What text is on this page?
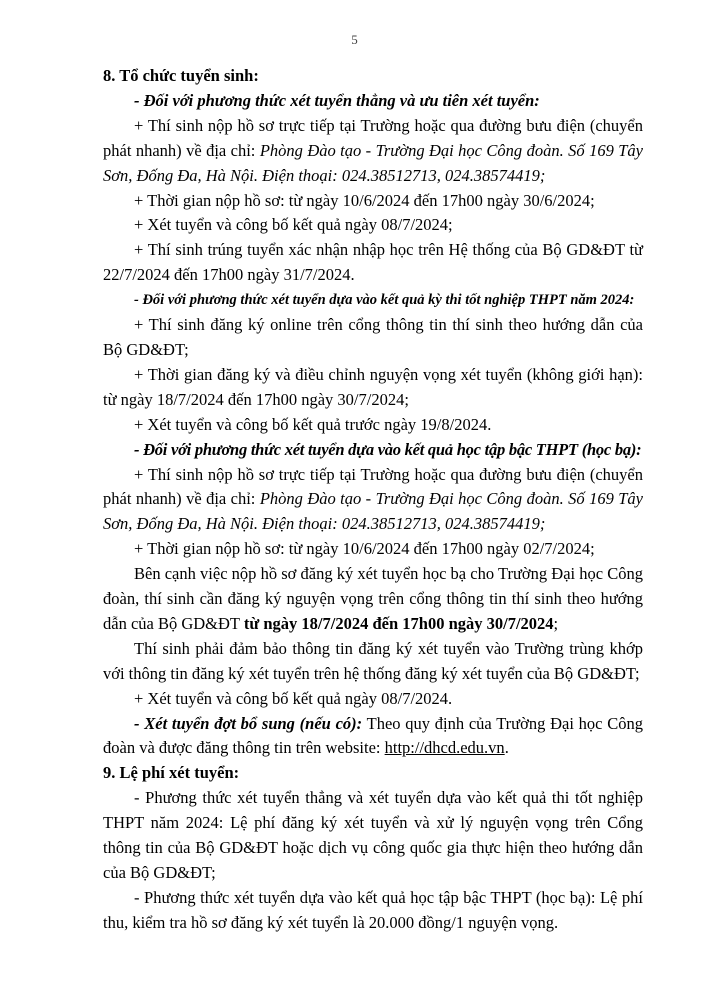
5

8. Tổ chức tuyển sinh:

- Đối với phương thức xét tuyển thẳng và ưu tiên xét tuyển:

+ Thí sinh nộp hồ sơ trực tiếp tại Trường hoặc qua đường bưu điện (chuyển phát nhanh) về địa chỉ: Phòng Đào tạo - Trường Đại học Công đoàn. Số 169 Tây Sơn, Đống Đa, Hà Nội. Điện thoại: 024.38512713, 024.38574419;

+ Thời gian nộp hồ sơ: từ ngày 10/6/2024 đến 17h00 ngày 30/6/2024;

+ Xét tuyển và công bố kết quả ngày 08/7/2024;

+ Thí sinh trúng tuyển xác nhận nhập học trên Hệ thống của Bộ GD&ĐT từ 22/7/2024 đến 17h00 ngày 31/7/2024.

- Đối với phương thức xét tuyển dựa vào kết quả kỳ thi tốt nghiệp THPT năm 2024:

+ Thí sinh đăng ký online trên cổng thông tin thí sinh theo hướng dẫn của Bộ GD&ĐT;

+ Thời gian đăng ký và điều chỉnh nguyện vọng xét tuyển (không giới hạn): từ ngày 18/7/2024 đến 17h00 ngày 30/7/2024;

+ Xét tuyển và công bố kết quả trước ngày 19/8/2024.

- Đối với phương thức xét tuyển dựa vào kết quả học tập bậc THPT (học bạ):

+ Thí sinh nộp hồ sơ trực tiếp tại Trường hoặc qua đường bưu điện (chuyển phát nhanh) về địa chỉ: Phòng Đào tạo - Trường Đại học Công đoàn. Số 169 Tây Sơn, Đống Đa, Hà Nội. Điện thoại: 024.38512713, 024.38574419;

+ Thời gian nộp hồ sơ: từ ngày 10/6/2024 đến 17h00 ngày 02/7/2024;

Bên cạnh việc nộp hồ sơ đăng ký xét tuyển học bạ cho Trường Đại học Công đoàn, thí sinh cần đăng ký nguyện vọng trên cổng thông tin thí sinh theo hướng dẫn của Bộ GD&ĐT từ ngày 18/7/2024 đến 17h00 ngày 30/7/2024;

Thí sinh phải đảm bảo thông tin đăng ký xét tuyển vào Trường trùng khớp với thông tin đăng ký xét tuyển trên hệ thống đăng ký xét tuyển của Bộ GD&ĐT;

+ Xét tuyển và công bố kết quả ngày 08/7/2024.

- Xét tuyển đợt bổ sung (nếu có): Theo quy định của Trường Đại học Công đoàn và được đăng thông tin trên website: http://dhcd.edu.vn.

9. Lệ phí xét tuyển:

- Phương thức xét tuyển thẳng và xét tuyển dựa vào kết quả thi tốt nghiệp THPT năm 2024: Lệ phí đăng ký xét tuyển và xử lý nguyện vọng trên Cổng thông tin của Bộ GD&ĐT hoặc dịch vụ công quốc gia thực hiện theo hướng dẫn của Bộ GD&ĐT;

- Phương thức xét tuyển dựa vào kết quả học tập bậc THPT (học bạ): Lệ phí thu, kiểm tra hồ sơ đăng ký xét tuyển là 20.000 đồng/1 nguyện vọng.
